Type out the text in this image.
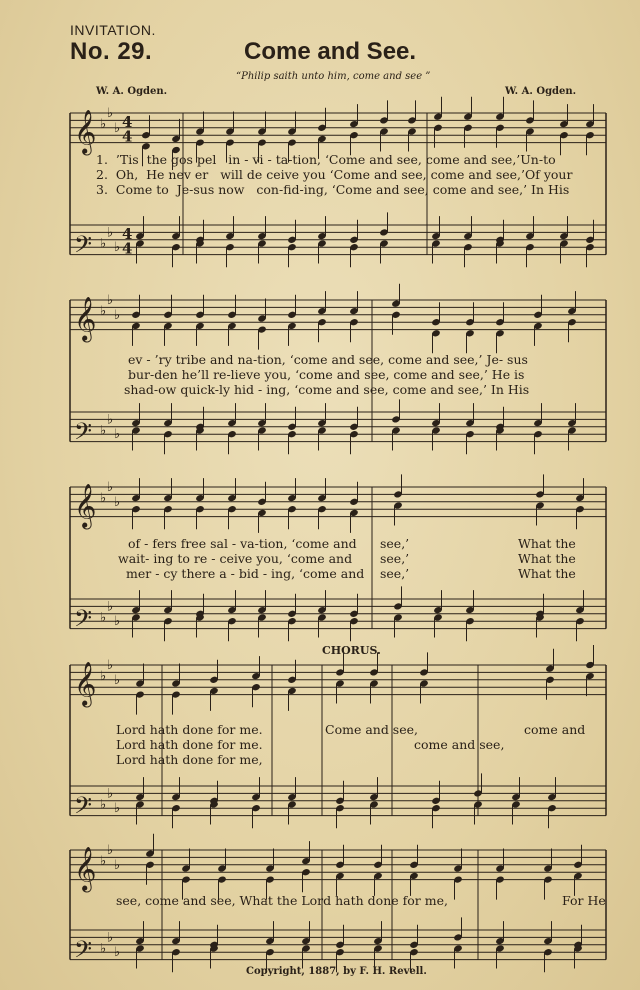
INVITATION.
No. 29.	Come and See.
“Philip saith unto him, come and see ”
W. A. Ogden.	W. A. Ogden.
𝄞 ♭
♭
♭
𝄢 ♭
♭
♭
𝄞 ♭
♭
♭
𝄢 ♭
♭
♭
𝄞 ♭
♭
♭
𝄢 ♭
♭
♭
𝄞 ♭
♭
♭
𝄢 ♭
♭
♭
𝄞 ♭
♭
♭
𝄢 ♭
♭
♭
4
4
4
4
1. ’Tis the gos pel in - vi - ta-tion, ‘Come and see, come and see,’Un-to
2. Oh, He nev er will de ceive you ‘Come and see, come and see,’Of your
3. Come to Je-sus now con-fid-ing, ‘Come and see, come and see,’ In His
ev - ’ry tribe and na-tion, ‘come and see, come and see,’ Je- sus
bur-den he’ll re-lieve you, ‘come and see, come and see,’ He is
shad-ow quick-ly hid - ing, ‘come and see, come and see,’ In His
of - fers free sal - va-tion, ‘come and see,’	What the
wait- ing to re - ceive you, ‘come and see,’	What the
mer - cy there a - bid - ing, ‘come and see,’	What the
CHORUS.
Lord hath done for me.	Come and see,	come and
Lord hath done for me.	come and see,
Lord hath done for me,
see, come and see, What the Lord hath done for me,	For He
Copyright, 1887, by F. H. Revell.
